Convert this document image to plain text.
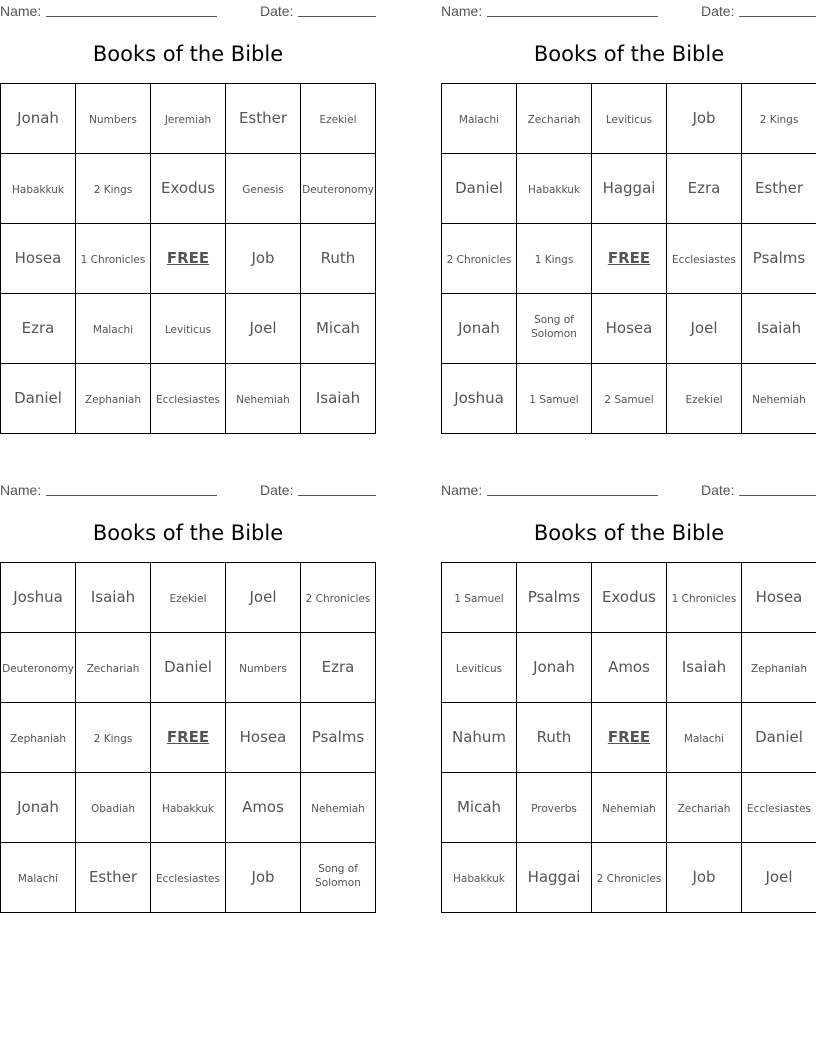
Name:	Date:
Books of the Bible
Jonah	Numbers	Jeremiah	Esther	Ezekiel
Habakkuk	2 Kings	Exodus	Genesis	Deuteronomy
Hosea	1 Chronicles	FREE	Job	Ruth
Ezra	Malachi	Leviticus	Joel	Micah
Daniel	Zephaniah	Ecclesiastes	Nehemiah	Isaiah
Name:	Date:
Books of the Bible
Malachi	Zechariah	Leviticus	Job	2 Kings
Daniel	Habakkuk	Haggai	Ezra	Esther
2 Chronicles	1 Kings	FREE	Ecclesiastes	Psalms
Jonah	Song of Solomon	Hosea	Joel	Isaiah
Joshua	1 Samuel	2 Samuel	Ezekiel	Nehemiah
Name:	Date:
Books of the Bible
Joshua	Isaiah	Ezekiel	Joel	2 Chronicles
Deuteronomy	Zechariah	Daniel	Numbers	Ezra
Zephaniah	2 Kings	FREE	Hosea	Psalms
Jonah	Obadiah	Habakkuk	Amos	Nehemiah
Malachi	Esther	Ecclesiastes	Job	Song of Solomon
Name:	Date:
Books of the Bible
1 Samuel	Psalms	Exodus	1 Chronicles	Hosea
Leviticus	Jonah	Amos	Isaiah	Zephaniah
Nahum	Ruth	FREE	Malachi	Daniel
Micah	Proverbs	Nehemiah	Zechariah	Ecclesiastes
Habakkuk	Haggai	2 Chronicles	Job	Joel
